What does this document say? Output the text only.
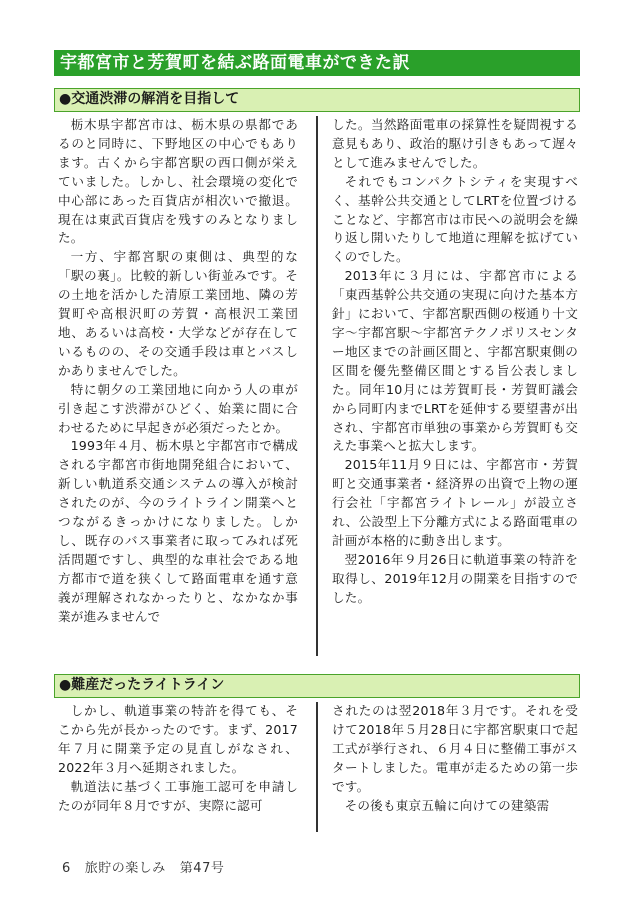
宇都宮市と芳賀町を結ぶ路面電車ができた訳
●交通渋滞の解消を目指して

栃木県宇都宮市は、栃木県の県都であるのと同時に、下野地区の中心でもあります。古くから宇都宮駅の西口側が栄えていました。しかし、社会環境の変化で中心部にあった百貨店が相次いで撤退。現在は東武百貨店を残すのみとなりました。

一方、宇都宮駅の東側は、典型的な「駅の裏」。比較的新しい街並みです。その土地を活かした清原工業団地、隣の芳賀町や高根沢町の芳賀・高根沢工業団地、あるいは高校・大学などが存在しているものの、その交通手段は車とバスしかありませんでした。

特に朝夕の工業団地に向かう人の車が引き起こす渋滞がひどく、始業に間に合わせるために早起きが必須だったとか。

1993年４月、栃木県と宇都宮市で構成される宇都宮市街地開発組合において、新しい軌道系交通システムの導入が検討されたのが、今のライトライン開業へとつながるきっかけになりました。しかし、既存のバス事業者に取ってみれば死活問題ですし、典型的な車社会である地方都市で道を狭くして路面電車を通す意義が理解されなかったりと、なかなか事業が進みませんで

した。当然路面電車の採算性を疑問視する意見もあり、政治的駆け引きもあって遅々として進みませんでした。

それでもコンパクトシティを実現すべく、基幹公共交通としてLRTを位置づけることなど、宇都宮市は市民への説明会を繰り返し開いたりして地道に理解を拡げていくのでした。

2013年に３月には、宇都宮市による「東西基幹公共交通の実現に向けた基本方針」において、宇都宮駅西側の桜通り十文字～宇都宮駅～宇都宮テクノポリスセンター地区までの計画区間と、宇都宮駅東側の区間を優先整備区間とする旨公表しました。同年10月には芳賀町長・芳賀町議会から同町内までLRTを延伸する要望書が出され、宇都宮市単独の事業から芳賀町も交えた事業へと拡大します。

2015年11月９日には、宇都宮市・芳賀町と交通事業者・経済界の出資で上物の運行会社「宇都宮ライトレール」が設立され、公設型上下分離方式による路面電車の計画が本格的に動き出します。

翌2016年９月26日に軌道事業の特許を取得し、2019年12月の開業を目指すのでした。

●難産だったライトライン

しかし、軌道事業の特許を得ても、そこから先が長かったのです。まず、2017年７月に開業予定の見直しがなされ、2022年３月へ延期されました。

軌道法に基づく工事施工認可を申請したのが同年８月ですが、実際に認可

されたのは翌2018年３月です。それを受けて2018年５月28日に宇都宮駅東口で起工式が挙行され、６月４日に整備工事がスタートしました。電車が走るための第一歩です。

その後も東京五輪に向けての建築需

6 旅貯の楽しみ 第47号
